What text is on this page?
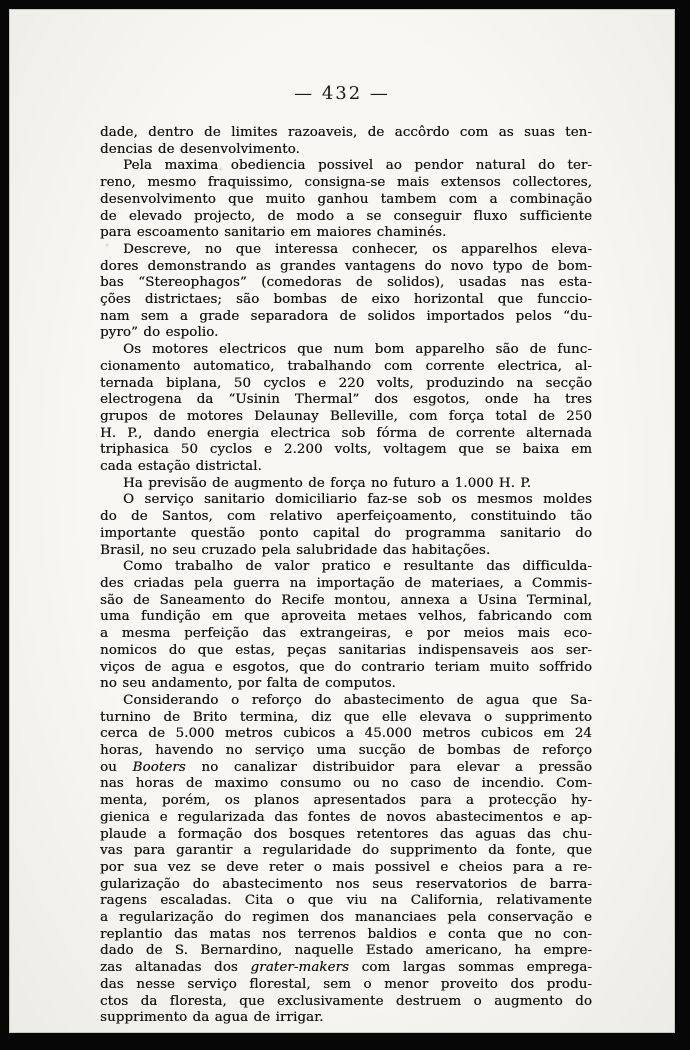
— 432 —
dade, dentro de limites razoaveis, de accôrdo com as suas ten-
dencias de desenvolvimento.
Pela maxima obediencia possivel ao pendor natural do ter-
reno, mesmo fraquissimo, consigna-se mais extensos collectores,
desenvolvimento que muito ganhou tambem com a combinação
de elevado projecto, de modo a se conseguir fluxo sufficiente
para escoamento sanitario em maiores chaminés.
Descreve, no que interessa conhecer, os apparelhos eleva-
dores demonstrando as grandes vantagens do novo typo de bom-
bas “Stereophagos” (comedoras de solidos), usadas nas esta-
ções districtaes; são bombas de eixo horizontal que funccio-
nam sem a grade separadora de solidos importados pelos “du-
pyro” do espolio.
Os motores electricos que num bom apparelho são de func-
cionamento automatico, trabalhando com corrente electrica, al-
ternada biplana, 50 cyclos e 220 volts, produzindo na secção
electrogena da “Usinin Thermal” dos esgotos, onde ha tres
grupos de motores Delaunay Belleville, com força total de 250
H. P., dando energia electrica sob fórma de corrente alternada
triphasica 50 cyclos e 2.200 volts, voltagem que se baixa em
cada estação districtal.
Ha previsão de augmento de força no futuro a 1.000 H. P.
O serviço sanitario domiciliario faz-se sob os mesmos moldes
do de Santos, com relativo aperfeiçoamento, constituindo tão
importante questão ponto capital do programma sanitario do
Brasil, no seu cruzado pela salubridade das habitações.
Como trabalho de valor pratico e resultante das difficulda-
des criadas pela guerra na importação de materiaes, a Commis-
são de Saneamento do Recife montou, annexa a Usina Terminal,
uma fundição em que aproveita metaes velhos, fabricando com
a mesma perfeição das extrangeiras, e por meios mais eco-
nomicos do que estas, peças sanitarias indispensaveis aos ser-
viços de agua e esgotos, que do contrario teriam muito soffrido
no seu andamento, por falta de computos.
Considerando o reforço do abastecimento de agua que Sa-
turnino de Brito termina, diz que elle elevava o supprimento
cerca de 5.000 metros cubicos a 45.000 metros cubicos em 24
horas, havendo no serviço uma sucção de bombas de reforço
ou Booters no canalizar distribuidor para elevar a pressão
nas horas de maximo consumo ou no caso de incendio. Com-
menta, porém, os planos apresentados para a protecção hy-
gienica e regularizada das fontes de novos abastecimentos e ap-
plaude a formação dos bosques retentores das aguas das chu-
vas para garantir a regularidade do supprimento da fonte, que
por sua vez se deve reter o mais possivel e cheios para a re-
gularização do abastecimento nos seus reservatorios de barra-
ragens escaladas. Cita o que viu na California, relativamente
a regularização do regimen dos mananciaes pela conservação e
replantio das matas nos terrenos baldios e conta que no con-
dado de S. Bernardino, naquelle Estado americano, ha empre-
zas altanadas dos grater-makers com largas sommas emprega-
das nesse serviço florestal, sem o menor proveito dos produ-
ctos da floresta, que exclusivamente destruem o augmento do
supprimento da agua de irrigar.
